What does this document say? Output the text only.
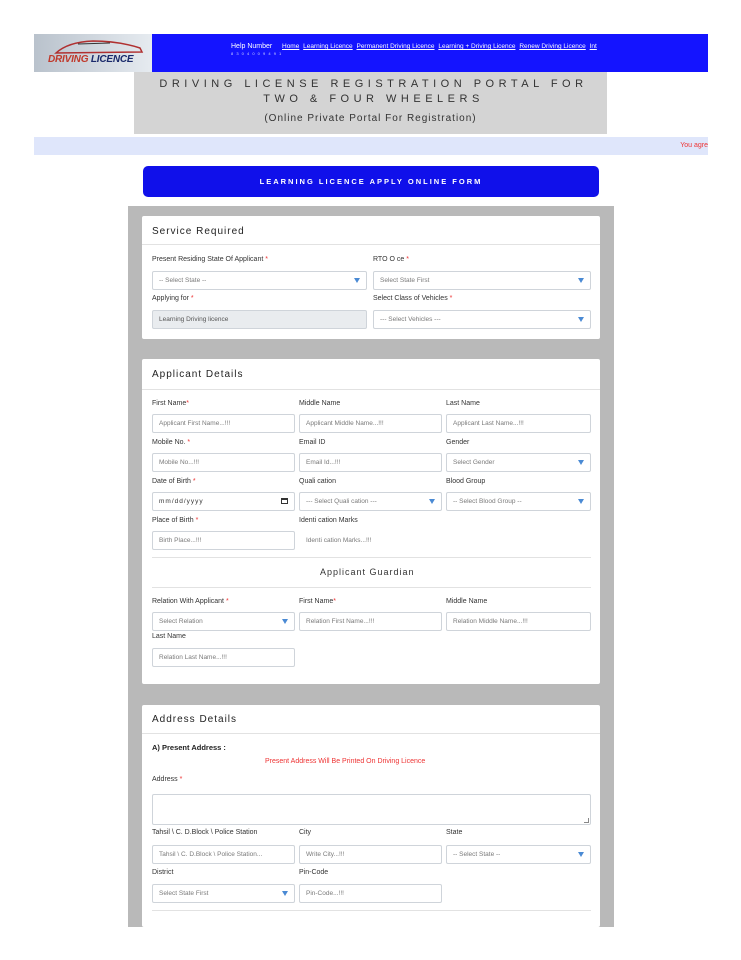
DRIVING LICENCE
Help Number
8 3 0 4 0 0 9 4 9 1
Home Learning Licence Permanent Driving Licence Learning + Driving Licence Renew Driving Licence Int
DRIVING LICENSE REGISTRATION PORTAL FOR TWO & FOUR WHEELERS
(Online Private Portal For Registration)
You agre
LEARNING LICENCE APPLY ONLINE FORM
Service Required
Present Residing State Of Applicant *
-- Select State --
RTO O ce *
Select State First
Applying for *
Learning Driving licence
Select Class of Vehicles *
--- Select Vehicles ---
Applicant Details
First Name*
Applicant First Name...!!!
Middle Name
Applicant Middle Name...!!!
Last Name
Applicant Last Name...!!!
Mobile No. *
Mobile No...!!!
Email ID
Email Id...!!!
Gender
Select Gender
Date of Birth *
mm/dd/yyyy
Quali cation
--- Select Quali cation ---
Blood Group
-- Select Blood Group --
Place of Birth *
Birth Place...!!!
Identi cation Marks
Identi cation Marks...!!!
Applicant Guardian
Relation With Applicant *
Select Relation
First Name*
Relation First Name...!!!
Middle Name
Relation Middle Name...!!!
Last Name
Relation Last Name...!!!
Address Details
A) Present Address :
Present Address Will Be Printed On Driving Licence
Address *
Tahsil \ C. D.Block \ Police Station
Tahsil \ C. D.Block \ Police Station...
City
Write City...!!!
State
-- Select State --
District
Select State First
Pin-Code
Pin-Code...!!!
